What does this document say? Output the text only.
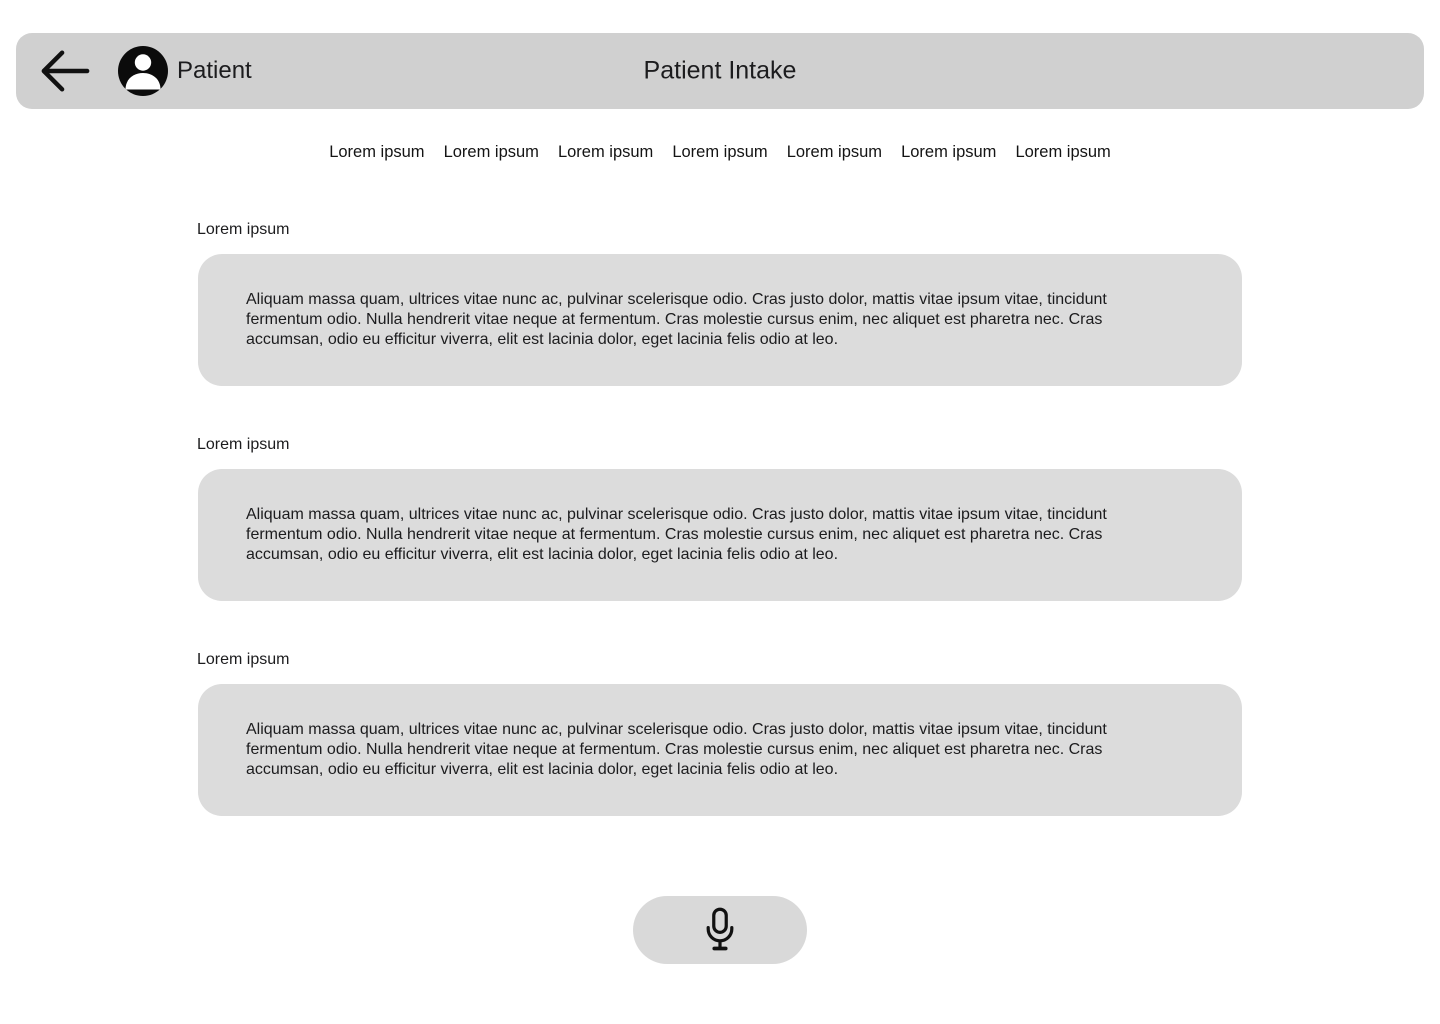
Patient	Patient Intake
Lorem ipsum Lorem ipsum Lorem ipsum Lorem ipsum Lorem ipsum Lorem ipsum Lorem ipsum
Lorem ipsum

Aliquam massa quam, ultrices vitae nunc ac, pulvinar scelerisque odio. Cras justo dolor, mattis vitae ipsum vitae, tincidunt fermentum odio. Nulla hendrerit vitae neque at fermentum. Cras molestie cursus enim, nec aliquet est pharetra nec. Cras accumsan, odio eu efficitur viverra, elit est lacinia dolor, eget lacinia felis odio at leo.

Lorem ipsum

Aliquam massa quam, ultrices vitae nunc ac, pulvinar scelerisque odio. Cras justo dolor, mattis vitae ipsum vitae, tincidunt fermentum odio. Nulla hendrerit vitae neque at fermentum. Cras molestie cursus enim, nec aliquet est pharetra nec. Cras accumsan, odio eu efficitur viverra, elit est lacinia dolor, eget lacinia felis odio at leo.

Lorem ipsum

Aliquam massa quam, ultrices vitae nunc ac, pulvinar scelerisque odio. Cras justo dolor, mattis vitae ipsum vitae, tincidunt fermentum odio. Nulla hendrerit vitae neque at fermentum. Cras molestie cursus enim, nec aliquet est pharetra nec. Cras accumsan, odio eu efficitur viverra, elit est lacinia dolor, eget lacinia felis odio at leo.
